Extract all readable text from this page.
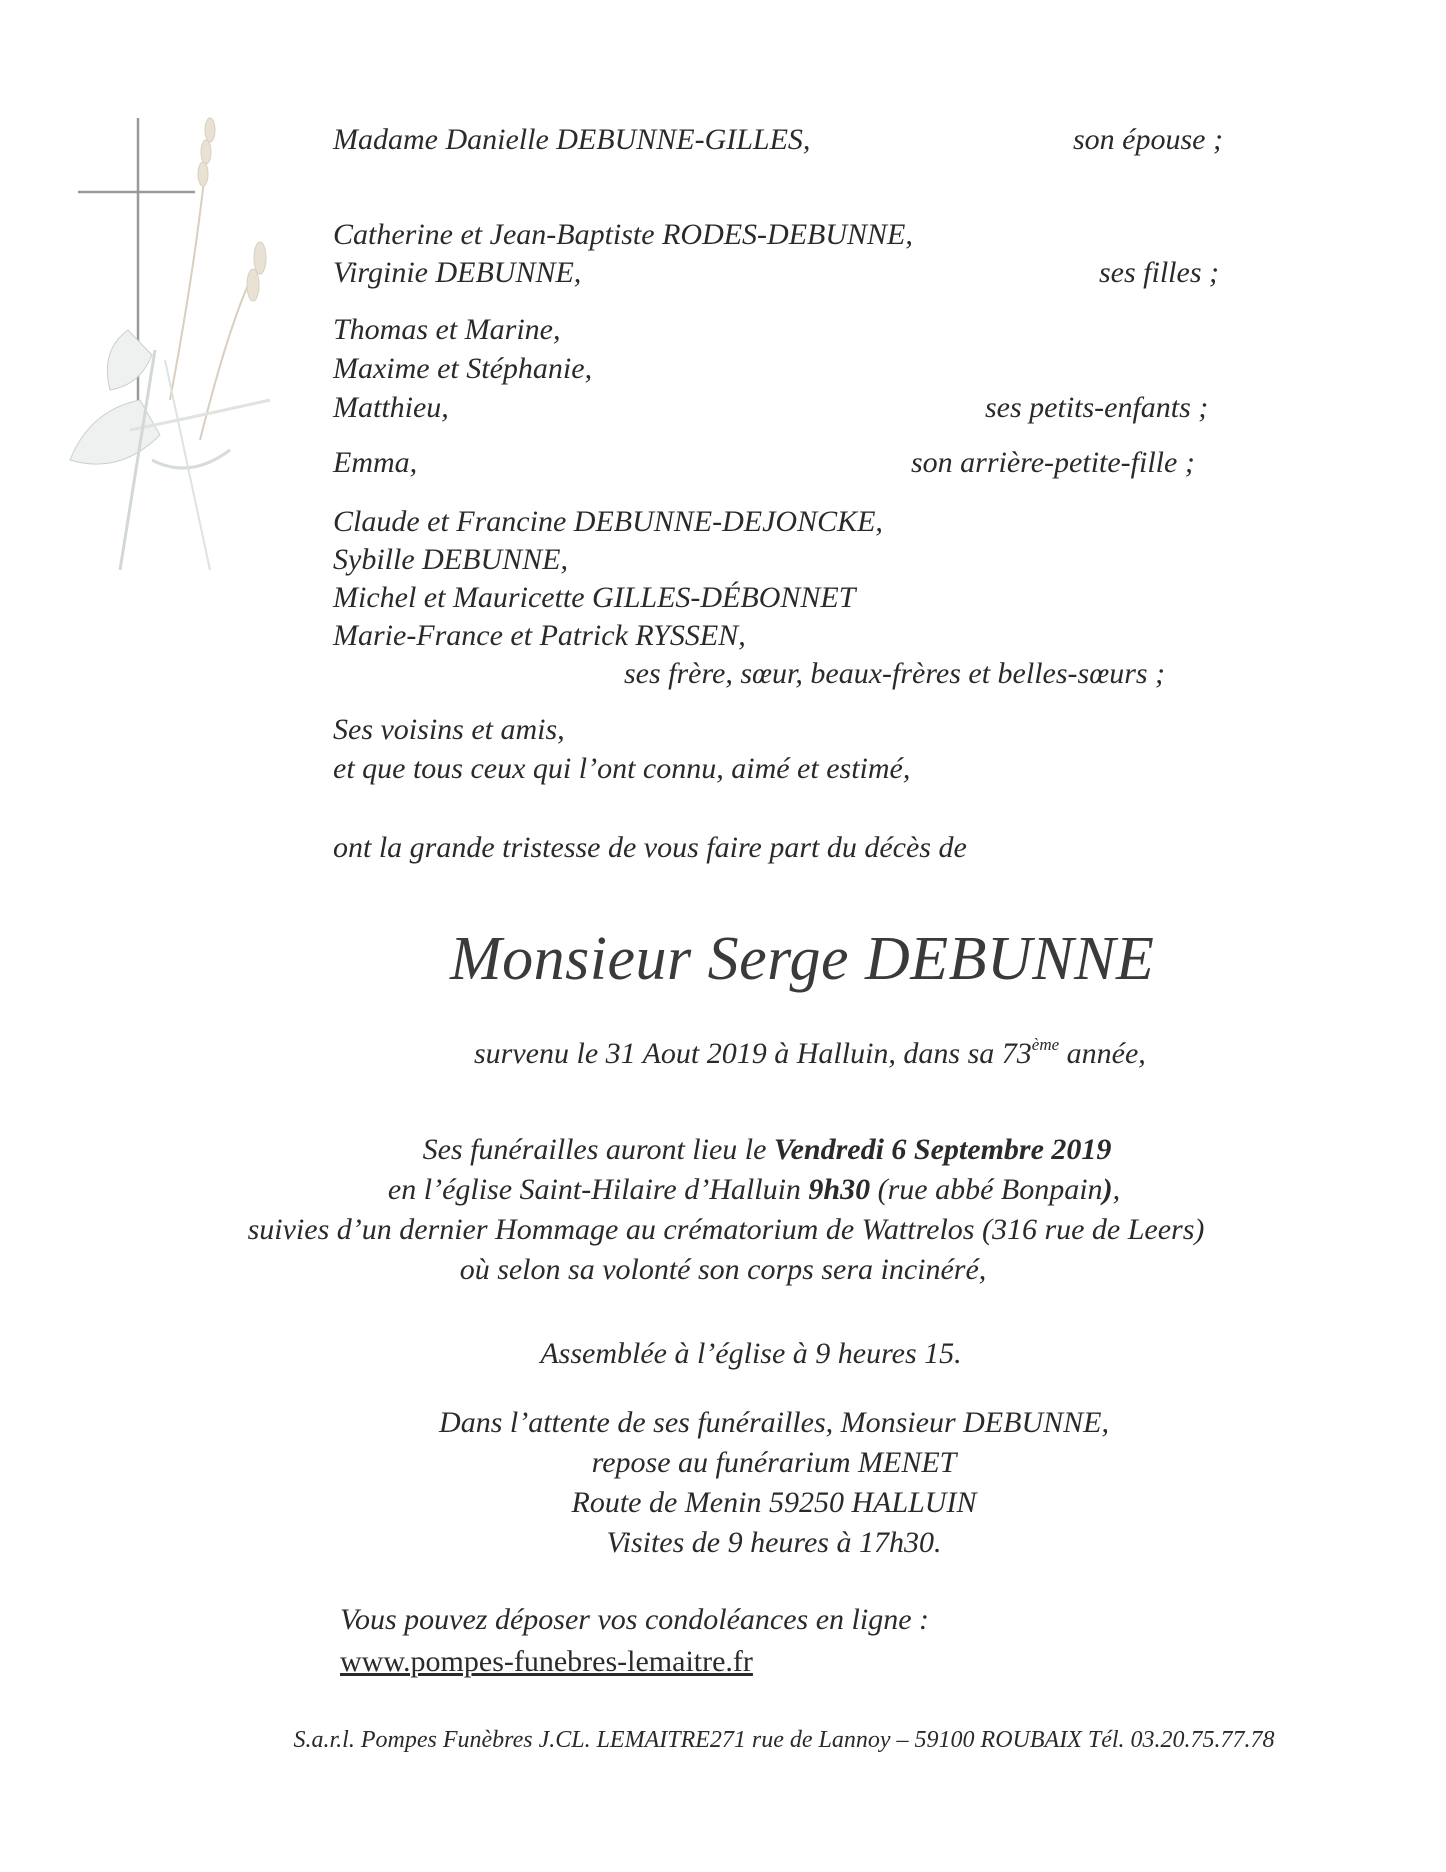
Madame Danielle DEBUNNE-GILLES,	son épouse ;
Catherine et Jean-Baptiste RODES-DEBUNNE,
Virginie DEBUNNE,	ses filles ;
Thomas et Marine,
Maxime et Stéphanie,
Matthieu,	ses petits-enfants ;
Emma,	son arrière-petite-fille ;
Claude et Francine DEBUNNE-DEJONCKE,
Sybille DEBUNNE,
Michel et Mauricette GILLES-DÉBONNET
Marie-France et Patrick RYSSEN,
ses frère, sœur, beaux-frères et belles-sœurs ;
Ses voisins et amis,
et que tous ceux qui l’ont connu, aimé et estimé,
ont la grande tristesse de vous faire part du décès de
Monsieur Serge DEBUNNE
survenu le 31 Aout 2019 à Halluin, dans sa 73ème année,
Ses funérailles auront lieu le Vendredi 6 Septembre 2019
en l’église Saint-Hilaire d’Halluin 9h30 (rue abbé Bonpain),
suivies d’un dernier Hommage au crématorium de Wattrelos (316 rue de Leers)
où selon sa volonté son corps sera incinéré,
Assemblée à l’église à 9 heures 15.
Dans l’attente de ses funérailles, Monsieur DEBUNNE,
repose au funérarium MENET
Route de Menin 59250 HALLUIN
Visites de 9 heures à 17h30.
Vous pouvez déposer vos condoléances en ligne :
www.pompes-funebres-lemaitre.fr
S.a.r.l. Pompes Funèbres J.CL. LEMAITRE271 rue de Lannoy – 59100 ROUBAIX Tél. 03.20.75.77.78
